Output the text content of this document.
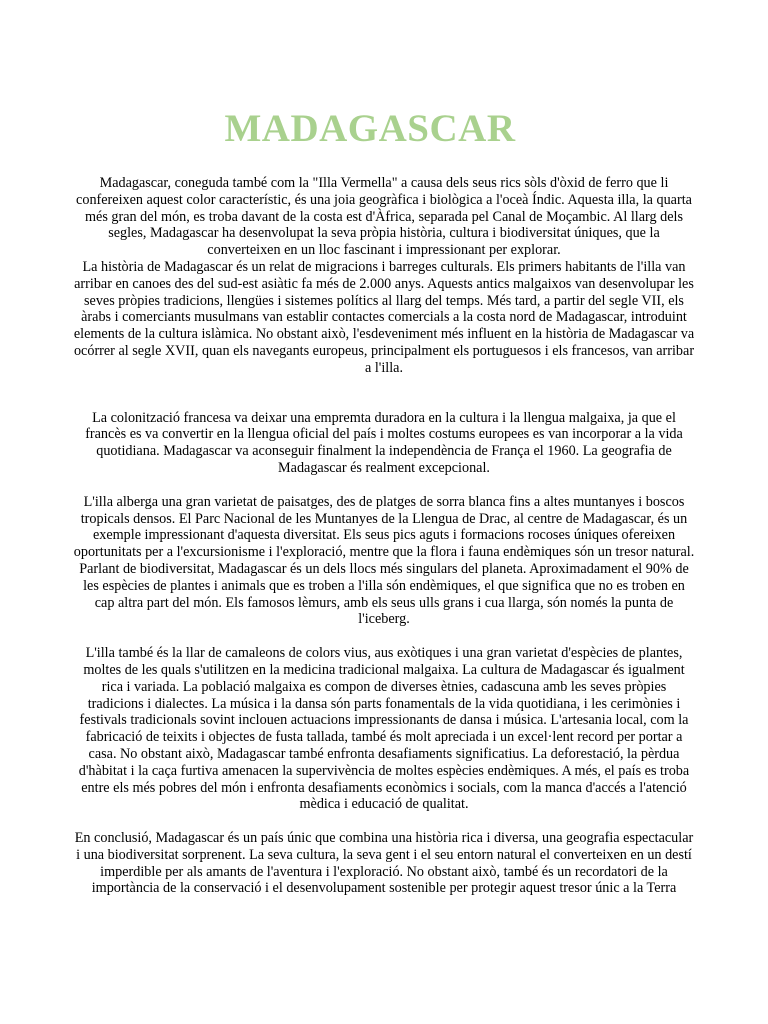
MADAGASCAR

Madagascar, coneguda també com la "Illa Vermella" a causa dels seus rics sòls d'òxid de ferro que li confereixen aquest color característic, és una joia geogràfica i biològica a l'oceà Índic. Aquesta illa, la quarta més gran del món, es troba davant de la costa est d'Àfrica, separada pel Canal de Moçambic. Al llarg dels segles, Madagascar ha desenvolupat la seva pròpia història, cultura i biodiversitat úniques, que la converteixen en un lloc fascinant i impressionant per explorar.

La història de Madagascar és un relat de migracions i barreges culturals. Els primers habitants de l'illa van arribar en canoes des del sud-est asiàtic fa més de 2.000 anys. Aquests antics malgaixos van desenvolupar les seves pròpies tradicions, llengües i sistemes polítics al llarg del temps. Més tard, a partir del segle VII, els àrabs i comerciants musulmans van establir contactes comercials a la costa nord de Madagascar, introduint elements de la cultura islàmica. No obstant això, l'esdeveniment més influent en la història de Madagascar va ocórrer al segle XVII, quan els navegants europeus, principalment els portuguesos i els francesos, van arribar a l'illa.

La colonització francesa va deixar una empremta duradora en la cultura i la llengua malgaixa, ja que el francès es va convertir en la llengua oficial del país i moltes costums europees es van incorporar a la vida quotidiana. Madagascar va aconseguir finalment la independència de França el 1960. La geografia de Madagascar és realment excepcional.

L'illa alberga una gran varietat de paisatges, des de platges de sorra blanca fins a altes muntanyes i boscos tropicals densos. El Parc Nacional de les Muntanyes de la Llengua de Drac, al centre de Madagascar, és un exemple impressionant d'aquesta diversitat. Els seus pics aguts i formacions rocoses úniques ofereixen oportunitats per a l'excursionisme i l'exploració, mentre que la flora i fauna endèmiques són un tresor natural. Parlant de biodiversitat, Madagascar és un dels llocs més singulars del planeta. Aproximadament el 90% de les espècies de plantes i animals que es troben a l'illa són endèmiques, el que significa que no es troben en cap altra part del món. Els famosos lèmurs, amb els seus ulls grans i cua llarga, són només la punta de l'iceberg.

L'illa també és la llar de camaleons de colors vius, aus exòtiques i una gran varietat d'espècies de plantes, moltes de les quals s'utilitzen en la medicina tradicional malgaixa. La cultura de Madagascar és igualment rica i variada. La població malgaixa es compon de diverses ètnies, cadascuna amb les seves pròpies tradicions i dialectes. La música i la dansa són parts fonamentals de la vida quotidiana, i les cerimònies i festivals tradicionals sovint inclouen actuacions impressionants de dansa i música. L'artesania local, com la fabricació de teixits i objectes de fusta tallada, també és molt apreciada i un excel·lent record per portar a casa. No obstant això, Madagascar també enfronta desafiaments significatius. La deforestació, la pèrdua d'hàbitat i la caça furtiva amenacen la supervivència de moltes espècies endèmiques. A més, el país es troba entre els més pobres del món i enfronta desafiaments econòmics i socials, com la manca d'accés a l'atenció mèdica i educació de qualitat.

En conclusió, Madagascar és un país únic que combina una història rica i diversa, una geografia espectacular i una biodiversitat sorprenent. La seva cultura, la seva gent i el seu entorn natural el converteixen en un destí imperdible per als amants de l'aventura i l'exploració. No obstant això, també és un recordatori de la importància de la conservació i el desenvolupament sostenible per protegir aquest tresor únic a la Terra
